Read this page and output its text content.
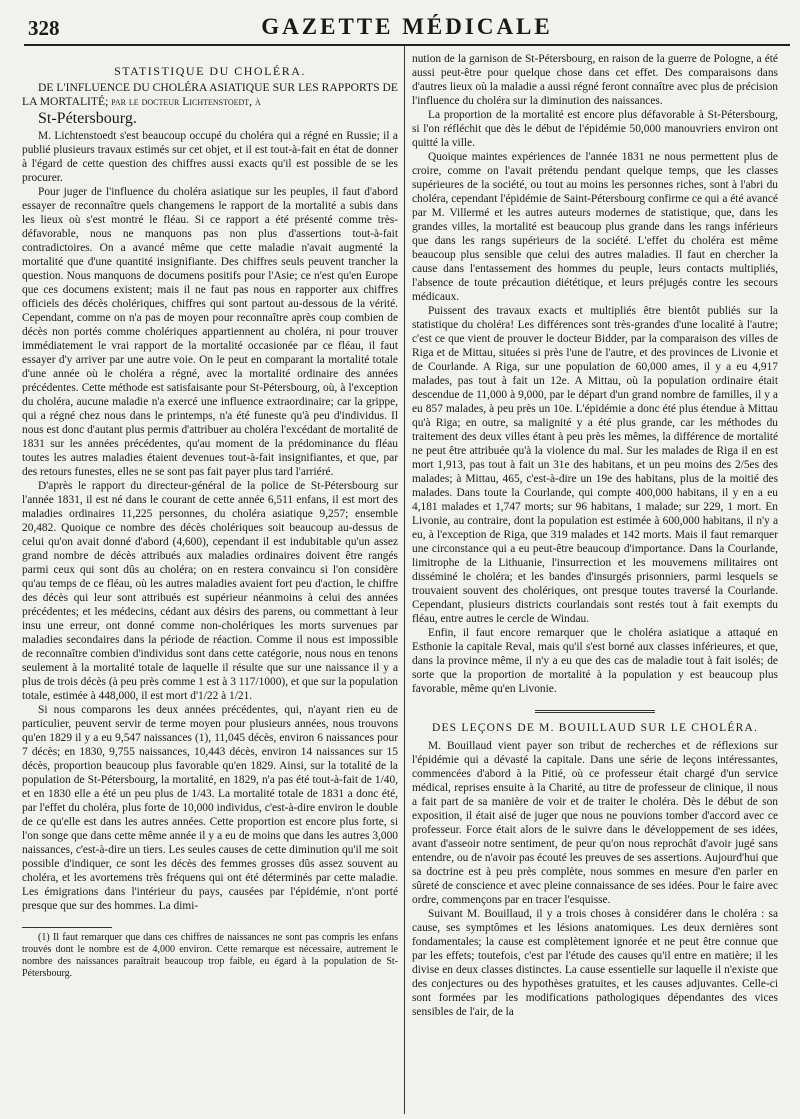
328	GAZETTE MÉDICALE
STATISTIQUE DU CHOLÉRA.

DE L'INFLUENCE DU CHOLÉRA ASIATIQUE SUR LES RAPPORTS DE LA MORTALITÉ; par le docteur Lichtenstoedt, à

St-Pétersbourg.

M. Lichtenstoedt s'est beaucoup occupé du choléra qui a régné en Russie; il a publié plusieurs travaux estimés sur cet objet, et il est tout-à-fait en état de donner à l'égard de cette question des chiffres aussi exacts qu'il est possible de se les procurer.

Pour juger de l'influence du choléra asiatique sur les peuples, il faut d'abord essayer de reconnaître quels changemens le rapport de la mortalité a subis dans les lieux où s'est montré le fléau. Si ce rapport a été présenté comme très-défavorable, nous ne manquons pas non plus d'assertions tout-à-fait contradictoires. On a avancé même que cette maladie n'avait augmenté la mortalité que d'une quantité insignifiante. Des chiffres seuls peuvent trancher la question. Nous manquons de documens positifs pour l'Asie; ce n'est qu'en Europe que ces documens existent; mais il ne faut pas nous en rapporter aux chiffres officiels des décès cholériques, chiffres qui sont partout au-dessous de la vérité. Cependant, comme on n'a pas de moyen pour reconnaître après coup combien de décès non portés comme cholériques appartiennent au choléra, ni pour trouver immédiatement le vrai rapport de la mortalité occasionée par ce fléau, il faut essayer d'y arriver par une autre voie. On le peut en comparant la mortalité totale d'une année où le choléra a régné, avec la mortalité ordinaire des années précédentes. Cette méthode est satisfaisante pour St-Pétersbourg, où, à l'exception du choléra, aucune maladie n'a exercé une influence extraordinaire; car la grippe, qui a régné chez nous dans le printemps, n'a été funeste qu'à peu d'individus. Il nous est donc d'autant plus permis d'attribuer au choléra l'excédant de mortalité de 1831 sur les années précédentes, qu'au moment de la prédominance du fléau toutes les autres maladies étaient devenues tout-à-fait insignifiantes, et que, par des retours funestes, elles ne se sont pas fait payer plus tard l'arriéré.

D'après le rapport du directeur-général de la police de St-Pétersbourg sur l'année 1831, il est né dans le courant de cette année 6,511 enfans, il est mort des maladies ordinaires 11,225 personnes, du choléra asiatique 9,257; ensemble 20,482. Quoique ce nombre des décès cholériques soit beaucoup au-dessus de celui qu'on avait donné d'abord (4,600), cependant il est indubitable qu'un assez grand nombre de décès attribués aux maladies ordinaires doivent être rangés parmi ceux qui sont dûs au choléra; on en restera convaincu si l'on considère qu'au temps de ce fléau, où les autres maladies avaient fort peu d'action, le chiffre des décès qui leur sont attribués est supérieur néanmoins à celui des années précédentes; et les médecins, cédant aux désirs des parens, ou commettant à leur insu une erreur, ont donné comme non-cholériques les morts survenues par maladies secondaires dans la période de réaction. Comme il nous est impossible de reconnaître combien d'individus sont dans cette catégorie, nous nous en tenons seulement à la mortalité totale de laquelle il résulte que sur une naissance il y a plus de trois décès (à peu près comme 1 est à 3 117/1000), et que sur la population totale, estimée à 448,000, il est mort d'1/22 à 1/21.

Si nous comparons les deux années précédentes, qui, n'ayant rien eu de particulier, peuvent servir de terme moyen pour plusieurs années, nous trouvons qu'en 1829 il y a eu 9,547 naissances (1), 11,045 décès, environ 6 naissances pour 7 décès; en 1830, 9,755 naissances, 10,443 décès, environ 14 naissances sur 15 décès, proportion beaucoup plus favorable qu'en 1829. Ainsi, sur la totalité de la population de St-Pétersbourg, la mortalité, en 1829, n'a pas été tout-à-fait de 1/40, et en 1830 elle a été un peu plus de 1/43. La mortalité totale de 1831 a donc été, par l'effet du choléra, plus forte de 10,000 individus, c'est-à-dire environ le double de ce qu'elle est dans les autres années. Cette proportion est encore plus forte, si l'on songe que dans cette même année il y a eu de moins que dans les autres 3,000 naissances, c'est-à-dire un tiers. Les seules causes de cette diminution qu'il me soit possible d'indiquer, ce sont les décès des femmes grosses dûs assez souvent au choléra, et les avortemens très fréquens qui ont été déterminés par cette maladie. Les émigrations dans l'intérieur du pays, causées par l'épidémie, n'ont porté presque que sur des hommes. La dimi-

(1) Il faut remarquer que dans ces chiffres de naissances ne sont pas compris les enfans trouvés dont le nombre est de 4,000 environ. Cette remarque est nécessaire, autrement le nombre des naissances paraîtrait beaucoup trop faible, eu égard à la population de St-Pétersbourg.

nution de la garnison de St-Pétersbourg, en raison de la guerre de Pologne, a été aussi peut-être pour quelque chose dans cet effet. Des comparaisons dans d'autres lieux où la maladie a aussi régné feront connaître avec plus de précision l'influence du choléra sur la diminution des naissances.

La proportion de la mortalité est encore plus défavorable à St-Pétersbourg, si l'on réfléchit que dès le début de l'épidémie 50,000 manouvriers environ ont quitté la ville.

Quoique maintes expériences de l'année 1831 ne nous permettent plus de croire, comme on l'avait prétendu pendant quelque temps, que les classes supérieures de la société, ou tout au moins les personnes riches, sont à l'abri du choléra, cependant l'épidémie de Saint-Pétersbourg confirme ce qui a été avancé par M. Villermé et les autres auteurs modernes de statistique, que, dans les grandes villes, la mortalité est beaucoup plus grande dans les rangs inférieurs que dans les rangs supérieurs de la société. L'effet du choléra est même beaucoup plus sensible que celui des autres maladies. Il faut en chercher la cause dans l'entassement des hommes du peuple, leurs contacts multipliés, l'absence de toute précaution diététique, et leurs préjugés contre les secours médicaux.

Puissent des travaux exacts et multipliés être bientôt publiés sur la statistique du choléra! Les différences sont très-grandes d'une localité à l'autre; c'est ce que vient de prouver le docteur Bidder, par la comparaison des villes de Riga et de Mittau, situées si près l'une de l'autre, et des provinces de Livonie et de Courlande. A Riga, sur une population de 60,000 ames, il y a eu 4,917 malades, pas tout à fait un 12e. A Mittau, où la population ordinaire était descendue de 11,000 à 9,000, par le départ d'un grand nombre de familles, il y a eu 857 malades, à peu près un 10e. L'épidémie a donc été plus étendue à Mittau qu'à Riga; en outre, sa malignité y a été plus grande, car les méthodes du traitement des deux villes étant à peu près les mêmes, la différence de mortalité ne peut être attribuée qu'à la violence du mal. Sur les malades de Riga il en est mort 1,913, pas tout à fait un 31e des habitans, et un peu moins des 2/5es des malades; à Mittau, 465, c'est-à-dire un 19e des habitans, plus de la moitié des malades. Dans toute la Courlande, qui compte 400,000 habitans, il y en a eu 4,181 malades et 1,747 morts; sur 96 habitans, 1 malade; sur 229, 1 mort. En Livonie, au contraire, dont la population est estimée à 600,000 habitans, il n'y a eu, à l'exception de Riga, que 319 malades et 142 morts. Mais il faut remarquer une circonstance qui a eu peut-être beaucoup d'importance. Dans la Courlande, limitrophe de la Lithuanie, l'insurrection et les mouvemens militaires ont disséminé le choléra; et les bandes d'insurgés prisonniers, parmi lesquels se trouvaient souvent des cholériques, ont presque toutes traversé la Courlande. Cependant, plusieurs districts courlandais sont restés tout à fait exempts du fléau, entre autres le cercle de Windau.

Enfin, il faut encore remarquer que le choléra asiatique a attaqué en Esthonie la capitale Reval, mais qu'il s'est borné aux classes inférieures, et que, dans la province même, il n'y a eu que des cas de maladie tout à fait isolés; de sorte que la proportion de mortalité à la population y est beaucoup plus favorable, même qu'en Livonie.

DES LEÇONS DE M. BOUILLAUD SUR LE CHOLÉRA.

M. Bouillaud vient payer son tribut de recherches et de réflexions sur l'épidémie qui a dévasté la capitale. Dans une série de leçons intéressantes, commencées d'abord à la Pitié, où ce professeur était chargé d'un service médical, reprises ensuite à la Charité, au titre de professeur de clinique, il nous a fait part de sa manière de voir et de traiter le choléra. Dès le début de son exposition, il était aisé de juger que nous ne pouvions tomber d'accord avec ce professeur. Force était alors de le suivre dans le développement de ses idées, avant d'asseoir notre sentiment, de peur qu'on nous reprochât d'avoir jugé sans entendre, ou de n'avoir pas écouté les preuves de ses assertions. Aujourd'hui que sa doctrine est à peu près complète, nous sommes en mesure d'en parler en sûreté de conscience et avec pleine connaissance de ses idées. Pour le faire avec ordre, commençons par en tracer l'esquisse.

Suivant M. Bouillaud, il y a trois choses à considérer dans le choléra : sa cause, ses symptômes et les lésions anatomiques. Les deux dernières sont fondamentales; la cause est complètement ignorée et ne peut être connue que par les effets; toutefois, c'est par l'étude des causes qu'il entre en matière; il les divise en deux classes distinctes. La cause essentielle sur laquelle il n'existe que des conjectures ou des hypothèses gratuites, et les causes adjuvantes. Celle-ci sont formées par les modifications pathologiques dépendantes des vices sensibles de l'air, de la
